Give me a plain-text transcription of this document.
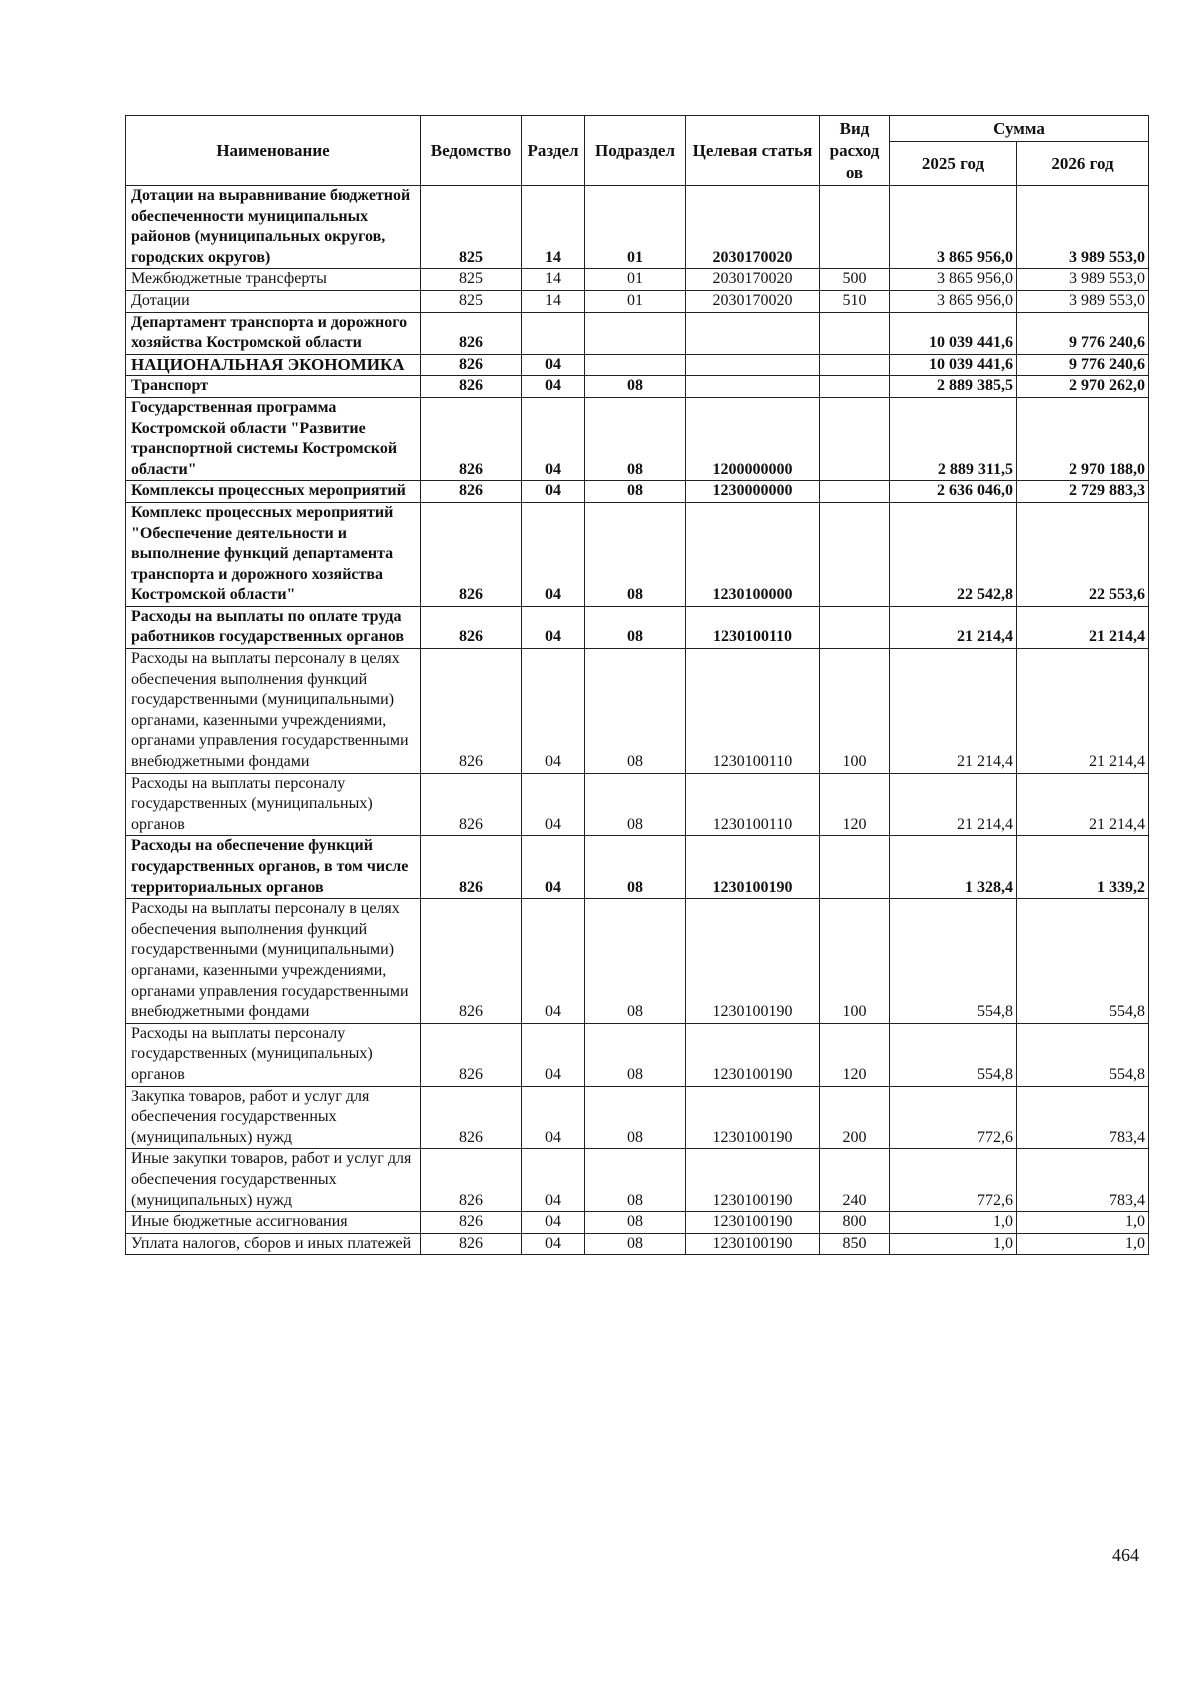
Наименование	Ведомство	Раздел	Подраздел	Целевая статья	Вид расход ов	Сумма	
						2025 год	2026 год
Дотации на выравнивание бюджетной обеспеченности муниципальных районов (муниципальных округов, городских округов)	825	14	01	2030170020		3 865 956,0	3 989 553,0
Межбюджетные трансферты	825	14	01	2030170020	500	3 865 956,0	3 989 553,0
Дотации	825	14	01	2030170020	510	3 865 956,0	3 989 553,0
Департамент транспорта и дорожного хозяйства Костромской области	826					10 039 441,6	9 776 240,6
НАЦИОНАЛЬНАЯ ЭКОНОМИКА	826	04				10 039 441,6	9 776 240,6
Транспорт	826	04	08			2 889 385,5	2 970 262,0
Государственная программа Костромской области "Развитие транспортной системы Костромской области"	826	04	08	1200000000		2 889 311,5	2 970 188,0
Комплексы процессных мероприятий	826	04	08	1230000000		2 636 046,0	2 729 883,3
Комплекс процессных мероприятий "Обеспечение деятельности и выполнение функций департамента транспорта и дорожного хозяйства Костромской области"	826	04	08	1230100000		22 542,8	22 553,6
Расходы на выплаты по оплате труда работников государственных органов	826	04	08	1230100110		21 214,4	21 214,4
Расходы на выплаты персоналу в целях обеспечения выполнения функций государственными (муниципальными) органами, казенными учреждениями, органами управления государственными внебюджетными фондами	826	04	08	1230100110	100	21 214,4	21 214,4
Расходы на выплаты персоналу государственных (муниципальных) органов	826	04	08	1230100110	120	21 214,4	21 214,4
Расходы на обеспечение функций государственных органов, в том числе территориальных органов	826	04	08	1230100190		1 328,4	1 339,2
Расходы на выплаты персоналу в целях обеспечения выполнения функций государственными (муниципальными) органами, казенными учреждениями, органами управления государственными внебюджетными фондами	826	04	08	1230100190	100	554,8	554,8
Расходы на выплаты персоналу государственных (муниципальных) органов	826	04	08	1230100190	120	554,8	554,8
Закупка товаров, работ и услуг для обеспечения государственных (муниципальных) нужд	826	04	08	1230100190	200	772,6	783,4
Иные закупки товаров, работ и услуг для обеспечения государственных (муниципальных) нужд	826	04	08	1230100190	240	772,6	783,4
Иные бюджетные ассигнования	826	04	08	1230100190	800	1,0	1,0
Уплата налогов, сборов и иных платежей	826	04	08	1230100190	850	1,0	1,0
464
